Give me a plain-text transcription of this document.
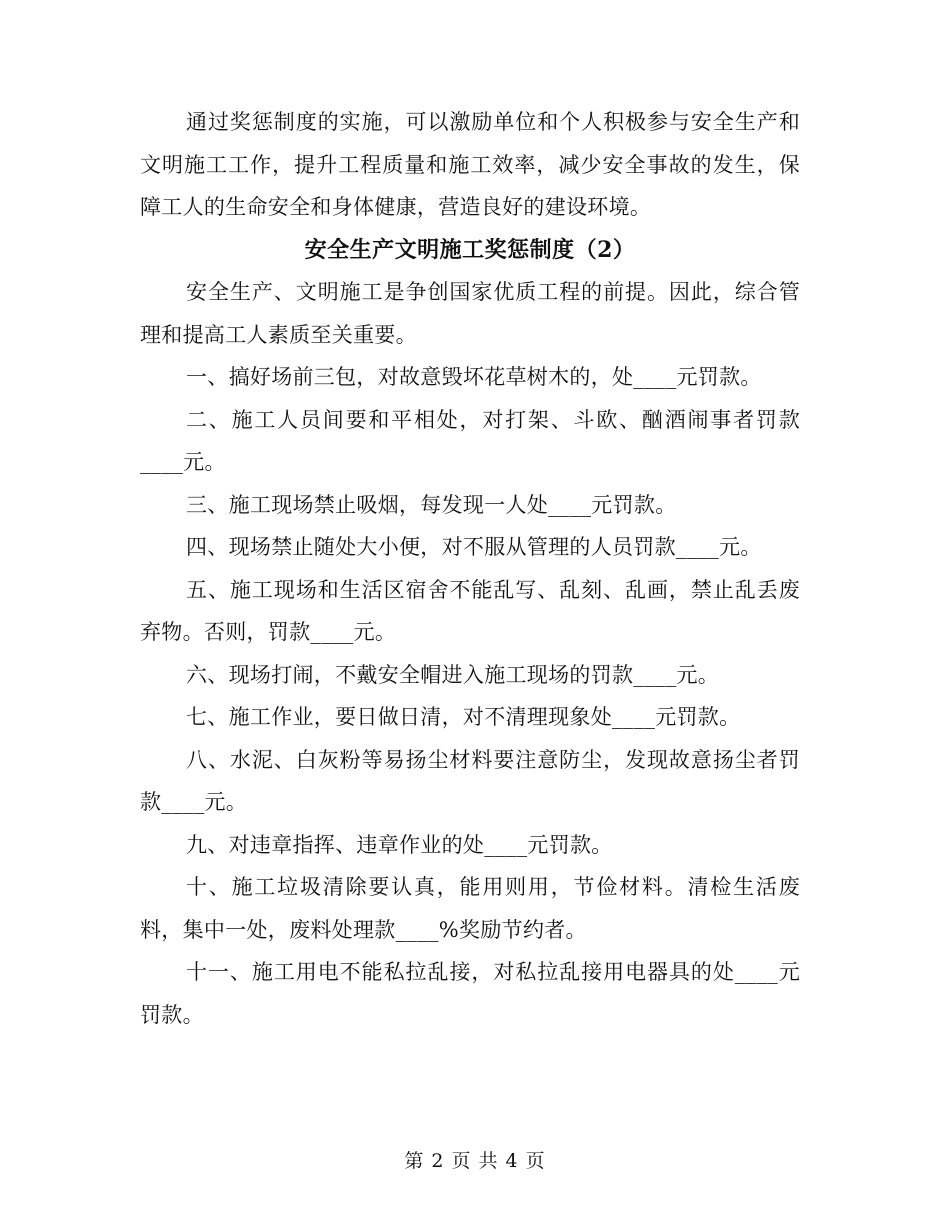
通过奖惩制度的实施，可以激励单位和个人积极参与安全生产和文明施工工作，提升工程质量和施工效率，减少安全事故的发生，保障工人的生命安全和身体健康，营造良好的建设环境。

安全生产文明施工奖惩制度（2）

安全生产、文明施工是争创国家优质工程的前提。因此，综合管理和提高工人素质至关重要。

一、搞好场前三包，对故意毁坏花草树木的，处____元罚款。

二、施工人员间要和平相处，对打架、斗欧、酗酒闹事者罚款____元。

三、施工现场禁止吸烟，每发现一人处____元罚款。

四、现场禁止随处大小便，对不服从管理的人员罚款____元。

五、施工现场和生活区宿舍不能乱写、乱刻、乱画，禁止乱丢废弃物。否则，罚款____元。

六、现场打闹，不戴安全帽进入施工现场的罚款____元。

七、施工作业，要日做日清，对不清理现象处____元罚款。

八、水泥、白灰粉等易扬尘材料要注意防尘，发现故意扬尘者罚款____元。

九、对违章指挥、违章作业的处____元罚款。

十、施工垃圾清除要认真，能用则用，节俭材料。清检生活废料，集中一处，废料处理款____%奖励节约者。

十一、施工用电不能私拉乱接，对私拉乱接用电器具的处____元罚款。

第 2 页 共 4 页
